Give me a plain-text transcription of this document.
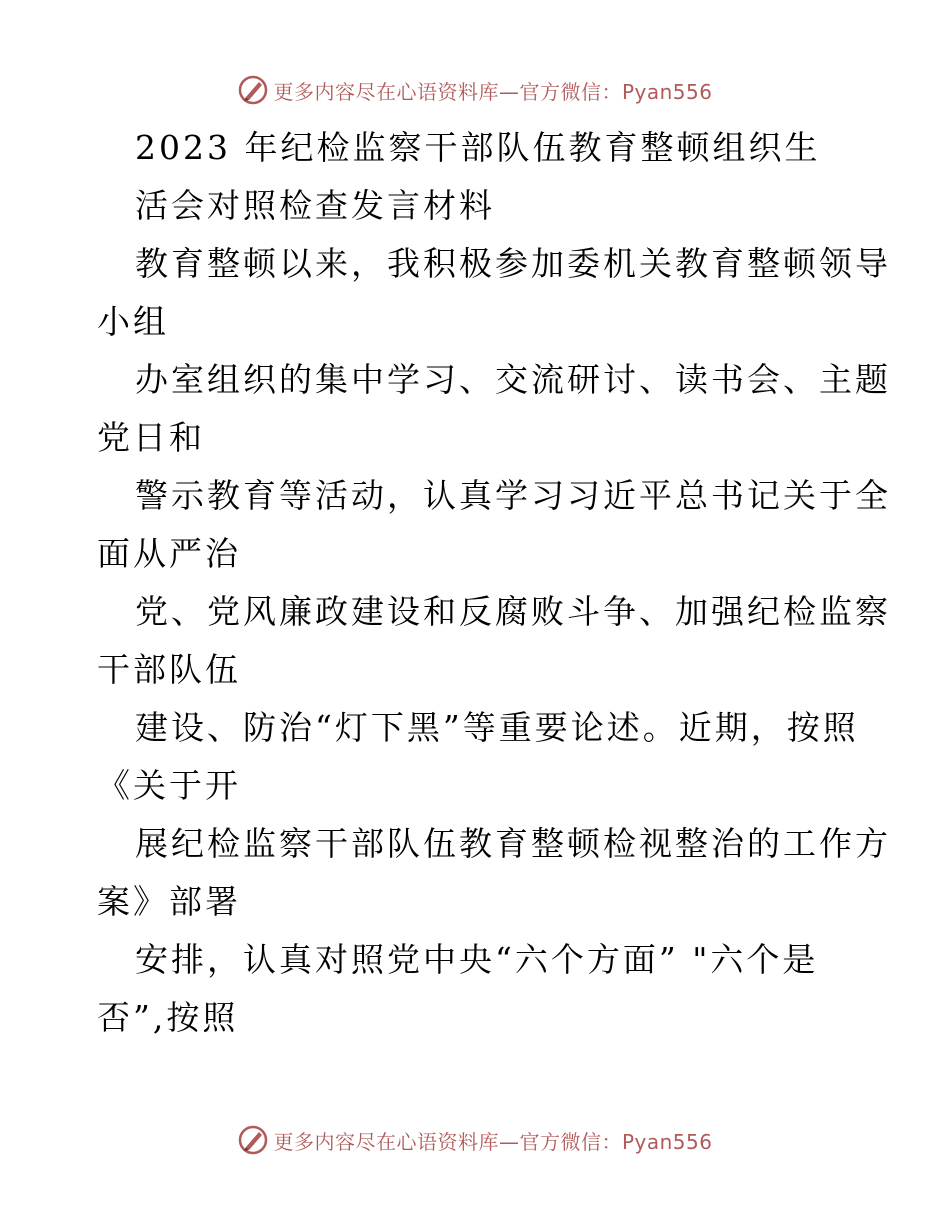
更多内容尽在心语资料库—官方微信：Pyan556
2023 年纪检监察干部队伍教育整顿组织生
活会对照检查发言材料
教育整顿以来，我积极参加委机关教育整顿领导
小组
办室组织的集中学习、交流研讨、读书会、主题
党日和
警示教育等活动，认真学习习近平总书记关于全
面从严治
党、党风廉政建设和反腐败斗争、加强纪检监察
干部队伍
建设、防治“灯下黑”等重要论述。近期，按照
《关于开
展纪检监察干部队伍教育整顿检视整治的工作方
案》部署
安排，认真对照党中央“六个方面” "六个是
否”,按照
更多内容尽在心语资料库—官方微信：Pyan556
